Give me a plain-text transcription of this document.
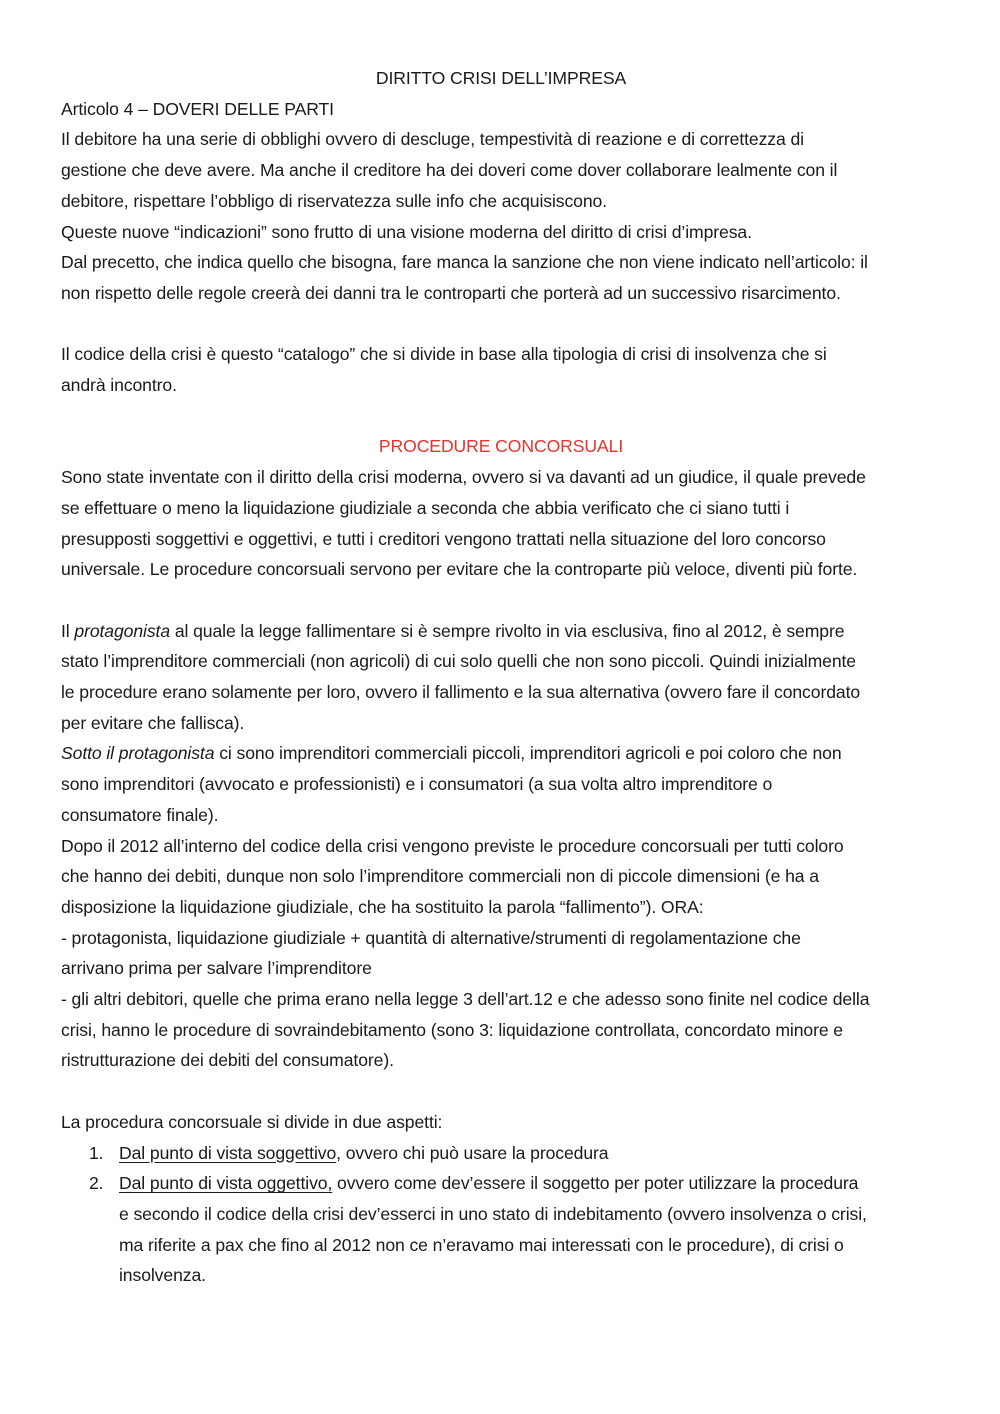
DIRITTO CRISI DELL’IMPRESA
Articolo 4 – DOVERI DELLE PARTI
Il debitore ha una serie di obblighi ovvero di descluge, tempestività di reazione e di correttezza di
gestione che deve avere. Ma anche il creditore ha dei doveri come dover collaborare lealmente con il
debitore, rispettare l’obbligo di riservatezza sulle info che acquisiscono.
Queste nuove “indicazioni” sono frutto di una visione moderna del diritto di crisi d’impresa.
Dal precetto, che indica quello che bisogna, fare manca la sanzione che non viene indicato nell’articolo: il
non rispetto delle regole creerà dei danni tra le controparti che porterà ad un successivo risarcimento.
Il codice della crisi è questo “catalogo” che si divide in base alla tipologia di crisi di insolvenza che si
andrà incontro.
PROCEDURE CONCORSUALI
Sono state inventate con il diritto della crisi moderna, ovvero si va davanti ad un giudice, il quale prevede
se effettuare o meno la liquidazione giudiziale a seconda che abbia verificato che ci siano tutti i
presupposti soggettivi e oggettivi, e tutti i creditori vengono trattati nella situazione del loro concorso
universale. Le procedure concorsuali servono per evitare che la controparte più veloce, diventi più forte.
Il protagonista al quale la legge fallimentare si è sempre rivolto in via esclusiva, fino al 2012, è sempre
stato l’imprenditore commerciali (non agricoli) di cui solo quelli che non sono piccoli. Quindi inizialmente
le procedure erano solamente per loro, ovvero il fallimento e la sua alternativa (ovvero fare il concordato
per evitare che fallisca).
Sotto il protagonista ci sono imprenditori commerciali piccoli, imprenditori agricoli e poi coloro che non
sono imprenditori (avvocato e professionisti) e i consumatori (a sua volta altro imprenditore o
consumatore finale).
Dopo il 2012 all’interno del codice della crisi vengono previste le procedure concorsuali per tutti coloro
che hanno dei debiti, dunque non solo l’imprenditore commerciali non di piccole dimensioni (e ha a
disposizione la liquidazione giudiziale, che ha sostituito la parola “fallimento”). ORA:
- protagonista, liquidazione giudiziale + quantità di alternative/strumenti di regolamentazione che
arrivano prima per salvare l’imprenditore
- gli altri debitori, quelle che prima erano nella legge 3 dell’art.12 e che adesso sono finite nel codice della
crisi, hanno le procedure di sovraindebitamento (sono 3: liquidazione controllata, concordato minore e
ristrutturazione dei debiti del consumatore).
La procedura concorsuale si divide in due aspetti:
1. Dal punto di vista soggettivo, ovvero chi può usare la procedura
2. Dal punto di vista oggettivo, ovvero come dev’essere il soggetto per poter utilizzare la procedura
e secondo il codice della crisi dev’esserci in uno stato di indebitamento (ovvero insolvenza o crisi,
ma riferite a pax che fino al 2012 non ce n’eravamo mai interessati con le procedure), di crisi o
insolvenza.
